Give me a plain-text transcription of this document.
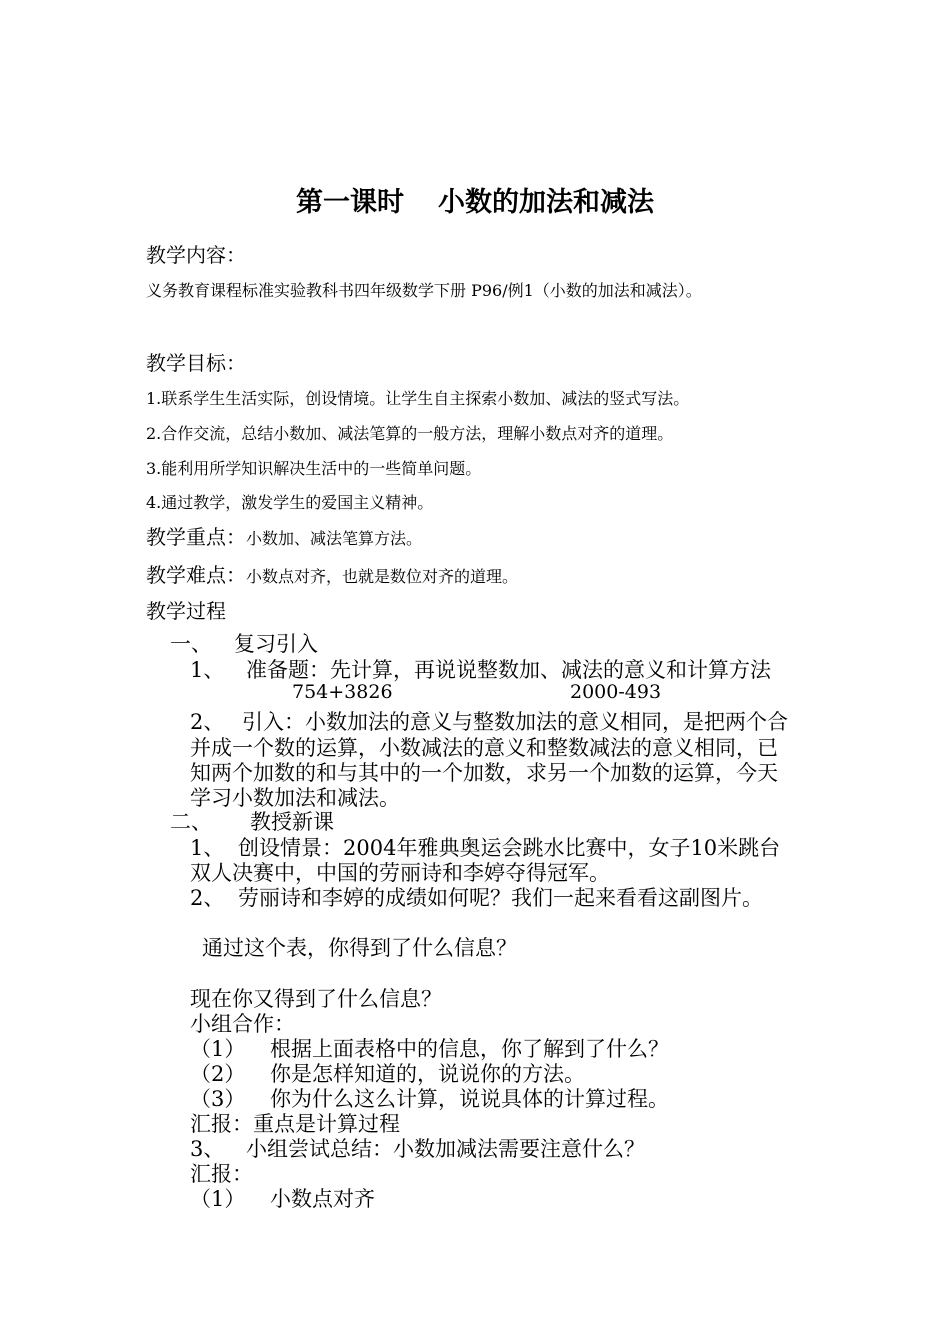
第一课时 小数的加法和减法
教学内容：
义务教育课程标准实验教科书四年级数学下册 P96/例1（小数的加法和减法）。
教学目标：
1.联系学生生活实际，创设情境。让学生自主探索小数加、减法的竖式写法。
2.合作交流，总结小数加、减法笔算的一般方法，理解小数点对齐的道理。
3.能利用所学知识解决生活中的一些简单问题。
4.通过教学，激发学生的爱国主义精神。
教学重点：小数加、减法笔算方法。
教学难点：小数点对齐，也就是数位对齐的道理。
教学过程
一、 复习引入
1、 准备题：先计算，再说说整数加、减法的意义和计算方法
754+3826	2000-493
2、 引入：小数加法的意义与整数加法的意义相同，是把两个合
并成一个数的运算，小数减法的意义和整数减法的意义相同，已
知两个加数的和与其中的一个加数，求另一个加数的运算，今天
学习小数加法和减法。
二、 教授新课
1、 创设情景：2004年雅典奥运会跳水比赛中，女子10米跳台
双人决赛中，中国的劳丽诗和李婷夺得冠军。
2、 劳丽诗和李婷的成绩如何呢？我们一起来看看这副图片。
通过这个表，你得到了什么信息？
现在你又得到了什么信息？
小组合作：
（1） 根据上面表格中的信息，你了解到了什么？
（2） 你是怎样知道的，说说你的方法。
（3） 你为什么这么计算，说说具体的计算过程。
汇报：重点是计算过程
3、 小组尝试总结：小数加减法需要注意什么？
汇报：
（1） 小数点对齐
